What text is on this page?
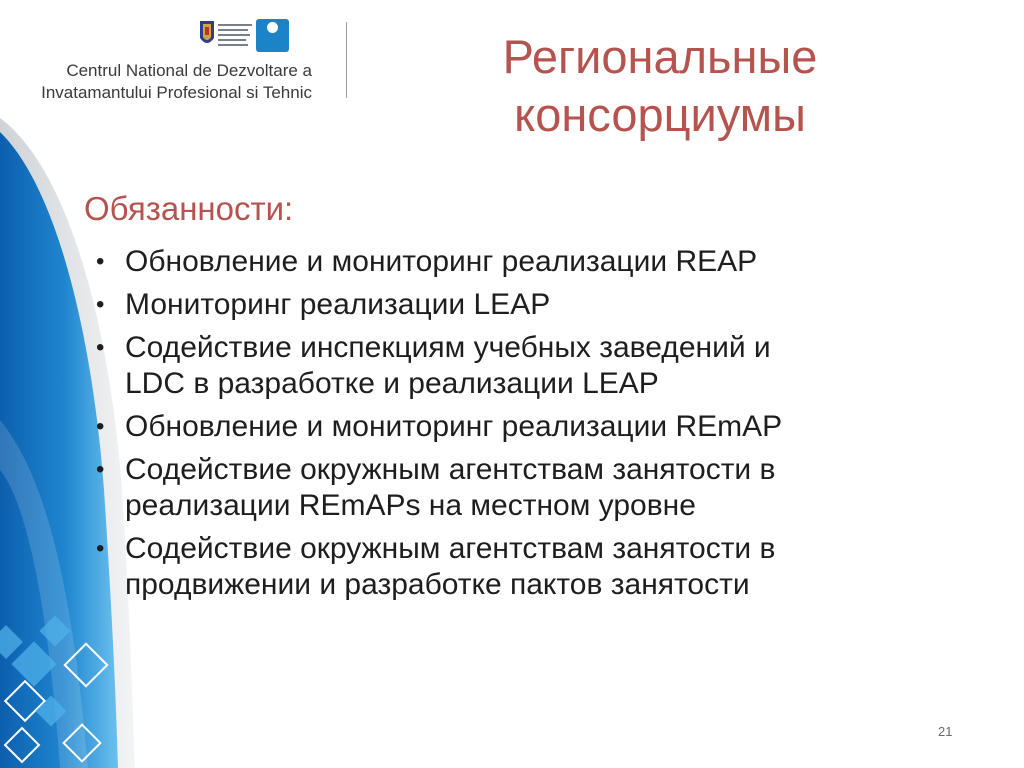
Centrul National de Dezvoltare a
Invatamantului Profesional si Tehnic
Региональные
консорциумы
Обязанности:
• Обновление и мониторинг реализации REAP
• Мониторинг реализации LEAP
• Содействие инспекциям учебных заведений и
LDC в разработке и реализации LEAP
• Обновление и мониторинг реализации REmAP
• Содействие окружным агентствам занятости в
реализации REmAPs на местном уровне
• Содействие окружным агентствам занятости в
продвижении и разработке пактов занятости
21
